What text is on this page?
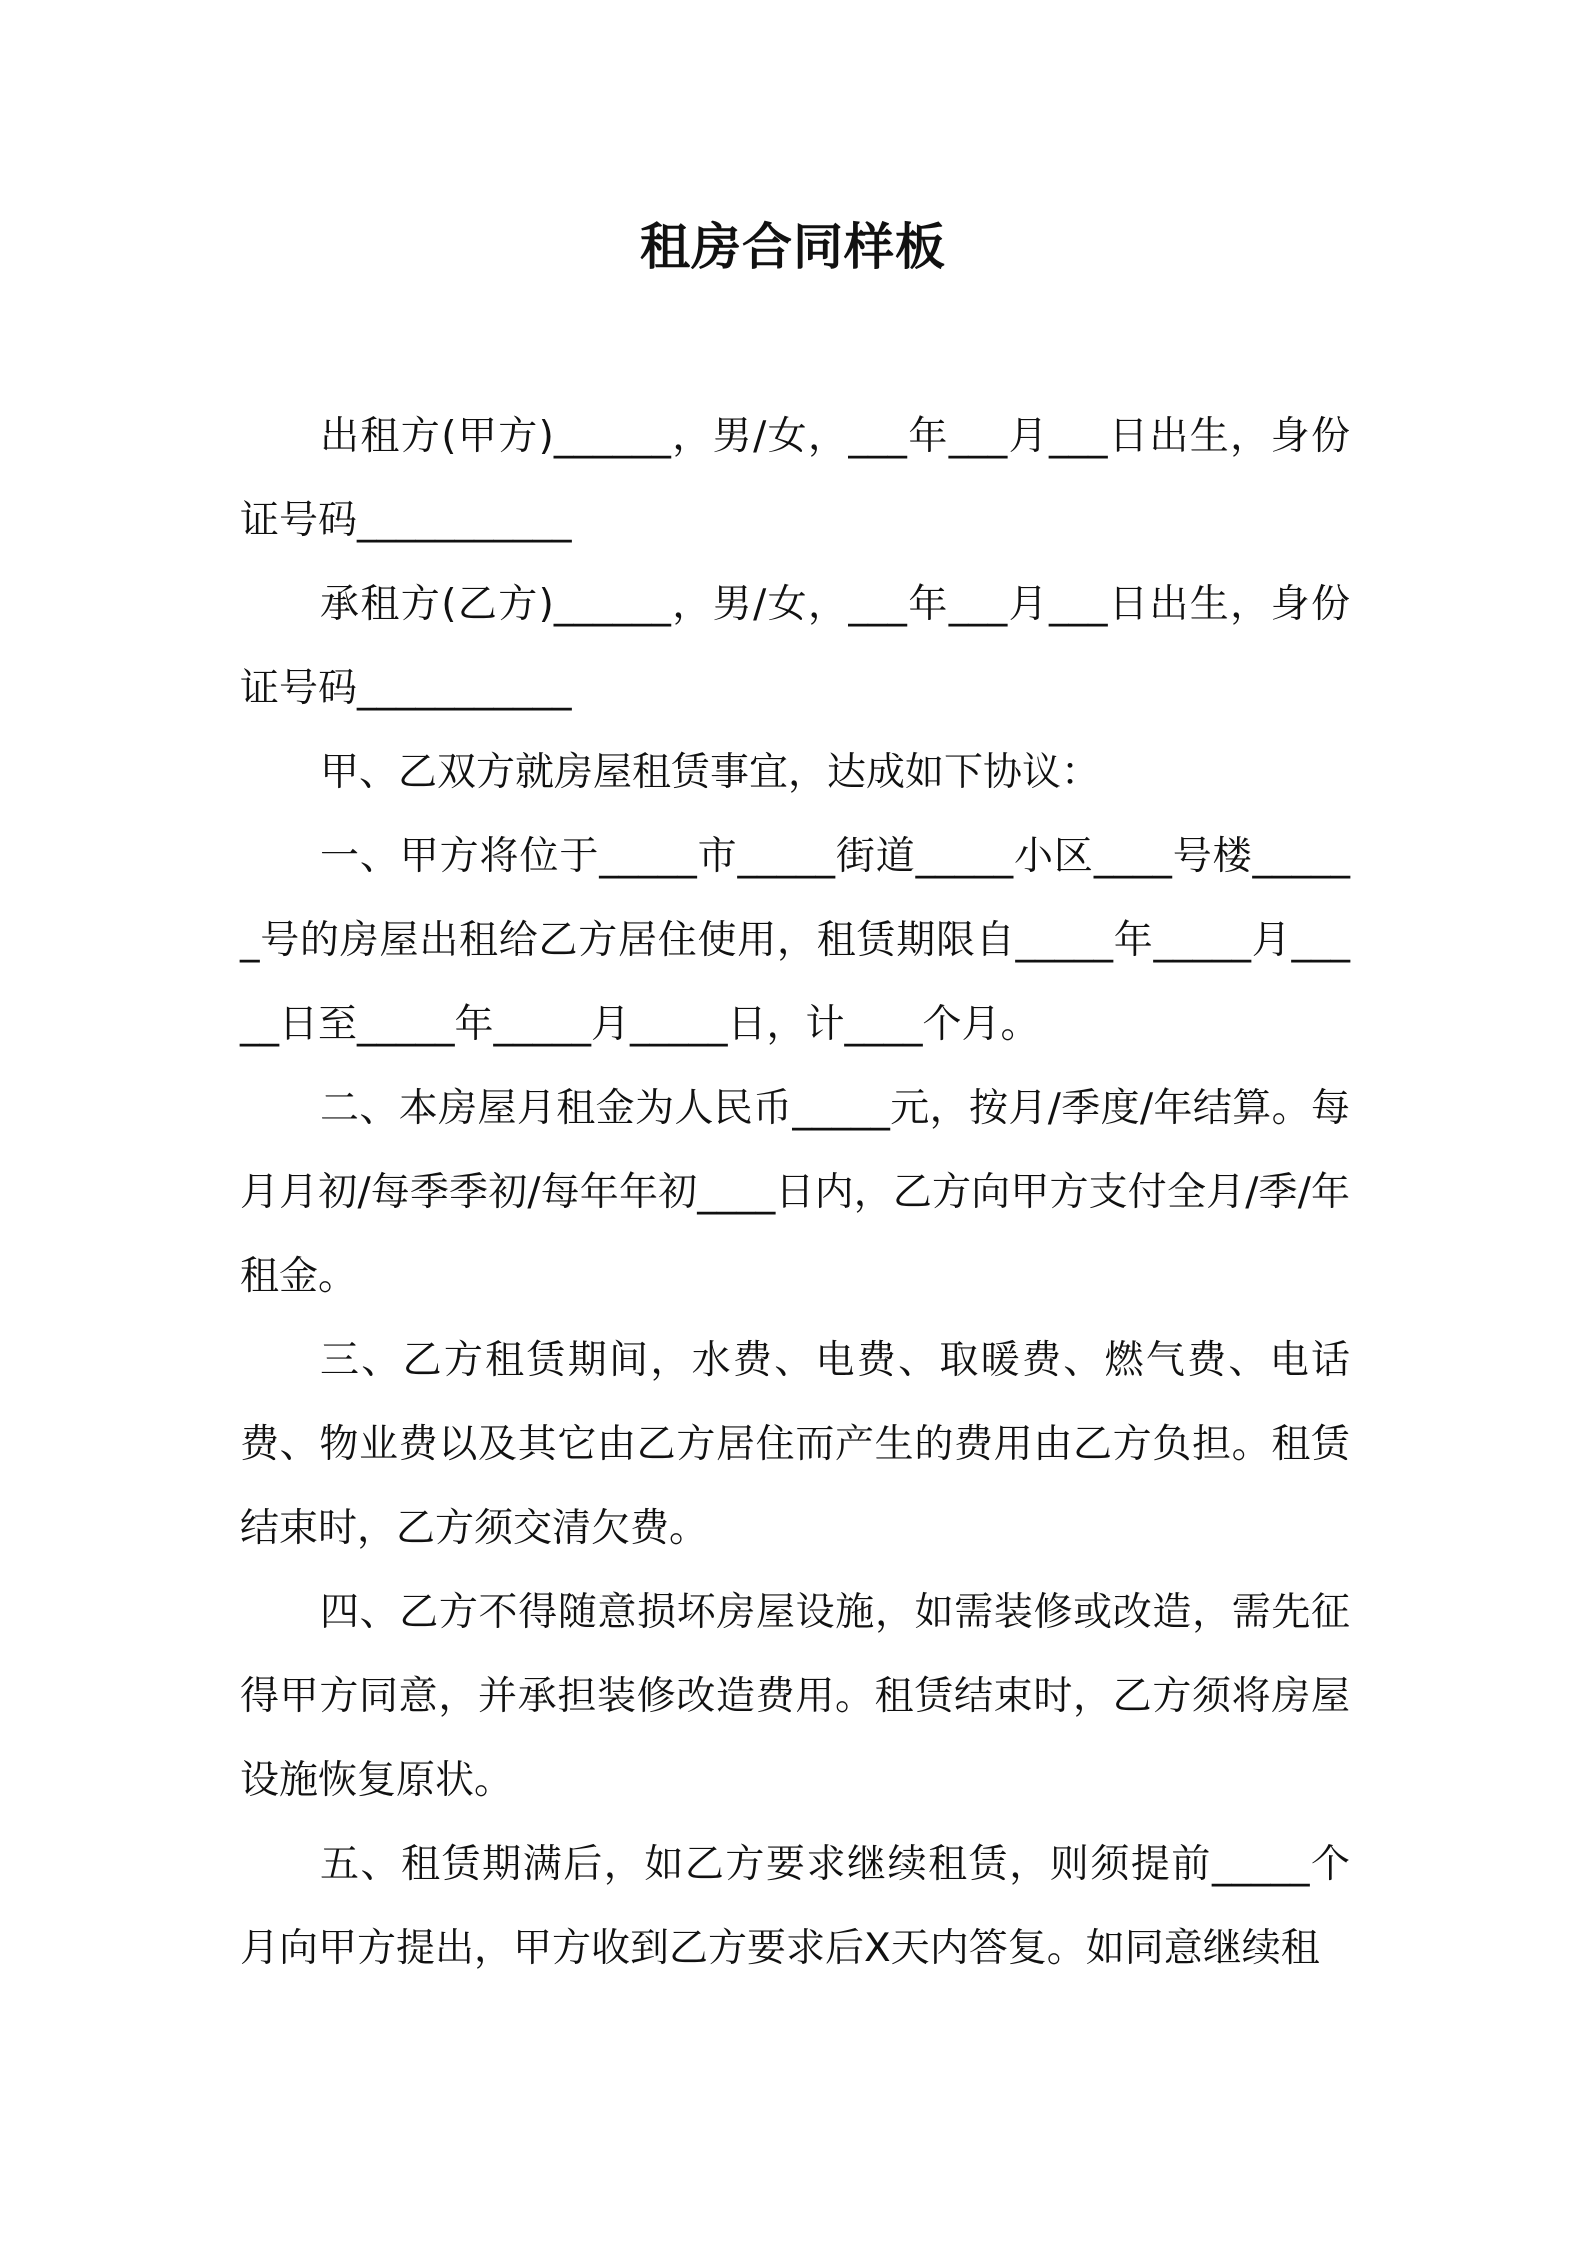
租房合同样板

出租方(甲方)______，男/女，___年___月___日出生，身份证号码___________

承租方(乙方)______，男/女，___年___月___日出生，身份证号码___________

甲、乙双方就房屋租赁事宜，达成如下协议：

一、甲方将位于_____市_____街道_____小区____号楼______号的房屋出租给乙方居住使用，租赁期限自_____年_____月_____日至_____年_____月_____日，计____个月。

二、本房屋月租金为人民币_____元，按月/季度/年结算。每月月初/每季季初/每年年初____日内，乙方向甲方支付全月/季/年租金。

三、乙方租赁期间，水费、电费、取暖费、燃气费、电话费、物业费以及其它由乙方居住而产生的费用由乙方负担。租赁结束时，乙方须交清欠费。

四、乙方不得随意损坏房屋设施，如需装修或改造，需先征得甲方同意，并承担装修改造费用。租赁结束时，乙方须将房屋设施恢复原状。

五、租赁期满后，如乙方要求继续租赁，则须提前_____个月向甲方提出，甲方收到乙方要求后X天内答复。如同意继续租
